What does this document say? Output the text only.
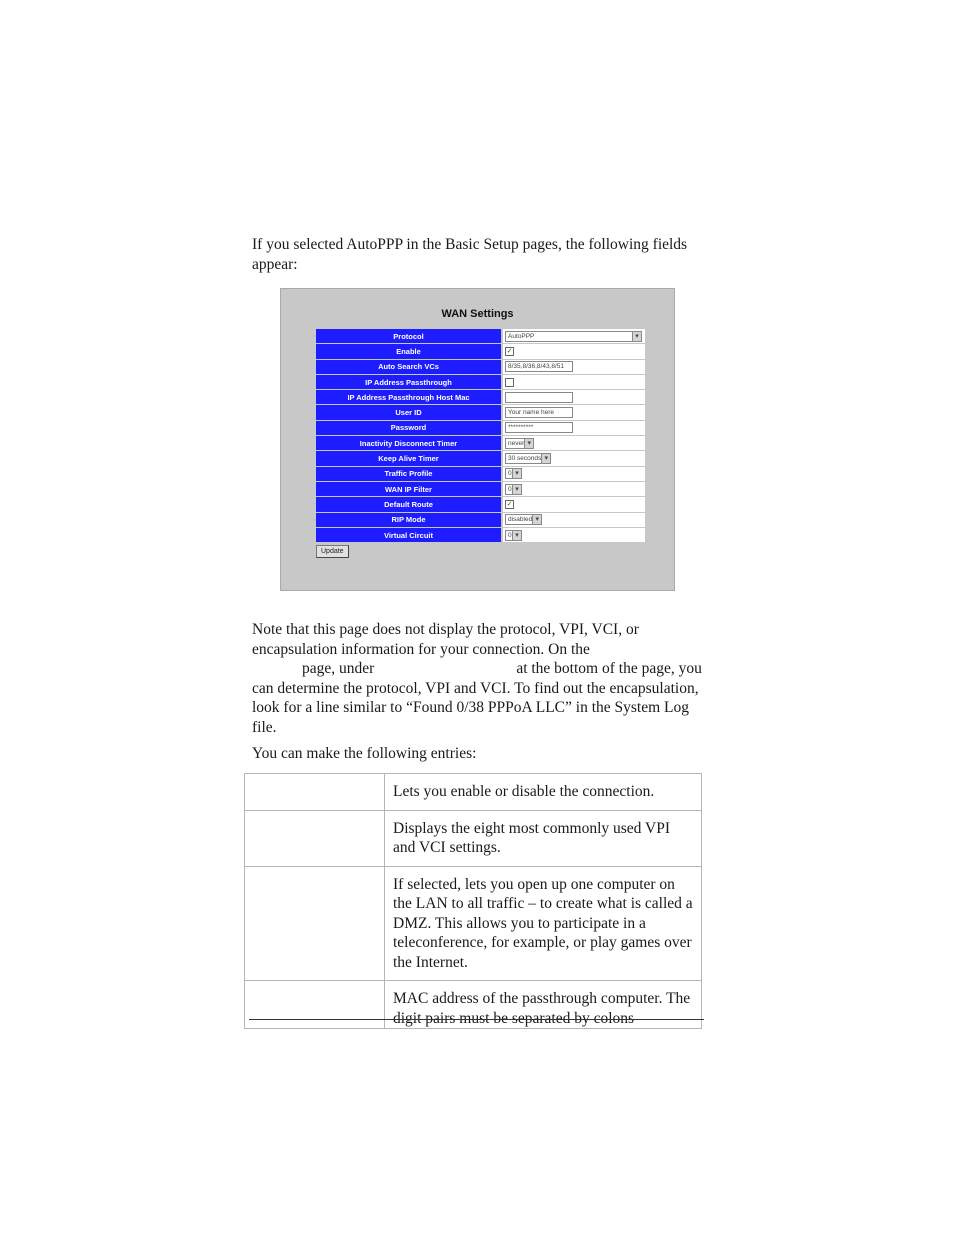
If you selected AutoPPP in the Basic Setup pages, the following fields appear:

WAN Settings
Protocol	AutoPPP ▾
Enable	✓
Auto Search VCs	8/35,8/36,8/43,8/51
IP Address Passthrough	
IP Address Passthrough Host Mac	
User ID	Your name here
Password	**********
Inactivity Disconnect Timer	never ▾
Keep Alive Timer	30 seconds ▾
Traffic Profile	0 ▾
WAN IP Filter	0 ▾
Default Route	✓
RIP Mode	disabled ▾
Virtual Circuit	0 ▾
Update

Note that this page does not display the protocol, VPI, VCI, or encapsulation information for your connection. On the
page, under	at the bottom of the page, you can determine the protocol, VPI and VCI. To find out the encapsulation, look for a line similar to “Found 0/38 PPPoA LLC” in the System Log file.

You can make the following entries:

	Lets you enable or disable the connection.
	Displays the eight most commonly used VPI and VCI settings.
	If selected, lets you open up one computer on the LAN to all traffic – to create what is called a DMZ. This allows you to participate in a teleconference, for example, or play games over the Internet.
	MAC address of the passthrough computer. The digit pairs must be separated by colons
